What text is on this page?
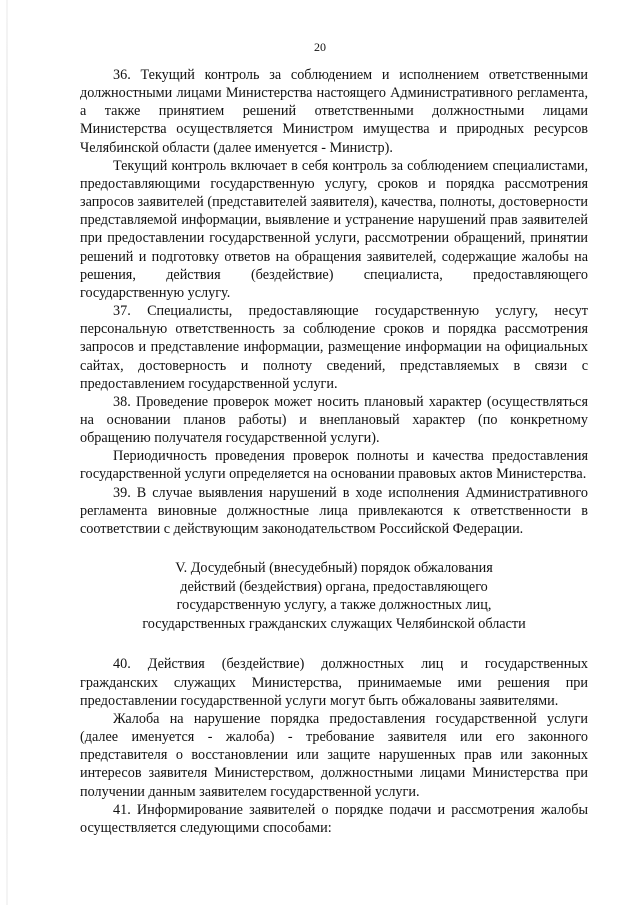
20

36. Текущий контроль за соблюдением и исполнением ответственными должностными лицами Министерства настоящего Административного регламента, а также принятием решений ответственными должностными лицами Министерства осуществляется Министром имущества и природных ресурсов Челябинской области (далее именуется - Министр).

Текущий контроль включает в себя контроль за соблюдением специалистами, предоставляющими государственную услугу, сроков и порядка рассмотрения запросов заявителей (представителей заявителя), качества, полноты, достоверности представляемой информации, выявление и устранение нарушений прав заявителей при предоставлении государственной услуги, рассмотрении обращений, принятии решений и подготовку ответов на обращения заявителей, содержащие жалобы на решения, действия (бездействие) специалиста, предоставляющего государственную услугу.

37. Специалисты, предоставляющие государственную услугу, несут персональную ответственность за соблюдение сроков и порядка рассмотрения запросов и представление информации, размещение информации на официальных сайтах, достоверность и полноту сведений, представляемых в связи с предоставлением государственной услуги.

38. Проведение проверок может носить плановый характер (осуществляться на основании планов работы) и внеплановый характер (по конкретному обращению получателя государственной услуги).

Периодичность проведения проверок полноты и качества предоставления государственной услуги определяется на основании правовых актов Министерства.

39. В случае выявления нарушений в ходе исполнения Административного регламента виновные должностные лица привлекаются к ответственности в соответствии с действующим законодательством Российской Федерации.

V. Досудебный (внесудебный) порядок обжалования
действий (бездействия) органа, предоставляющего
государственную услугу, а также должностных лиц,
государственных гражданских служащих Челябинской области

40. Действия (бездействие) должностных лиц и государственных гражданских служащих Министерства, принимаемые ими решения при предоставлении государственной услуги могут быть обжалованы заявителями.

Жалоба на нарушение порядка предоставления государственной услуги (далее именуется - жалоба) - требование заявителя или его законного представителя о восстановлении или защите нарушенных прав или законных интересов заявителя Министерством, должностными лицами Министерства при получении данным заявителем государственной услуги.

41. Информирование заявителей о порядке подачи и рассмотрения жалобы осуществляется следующими способами:
